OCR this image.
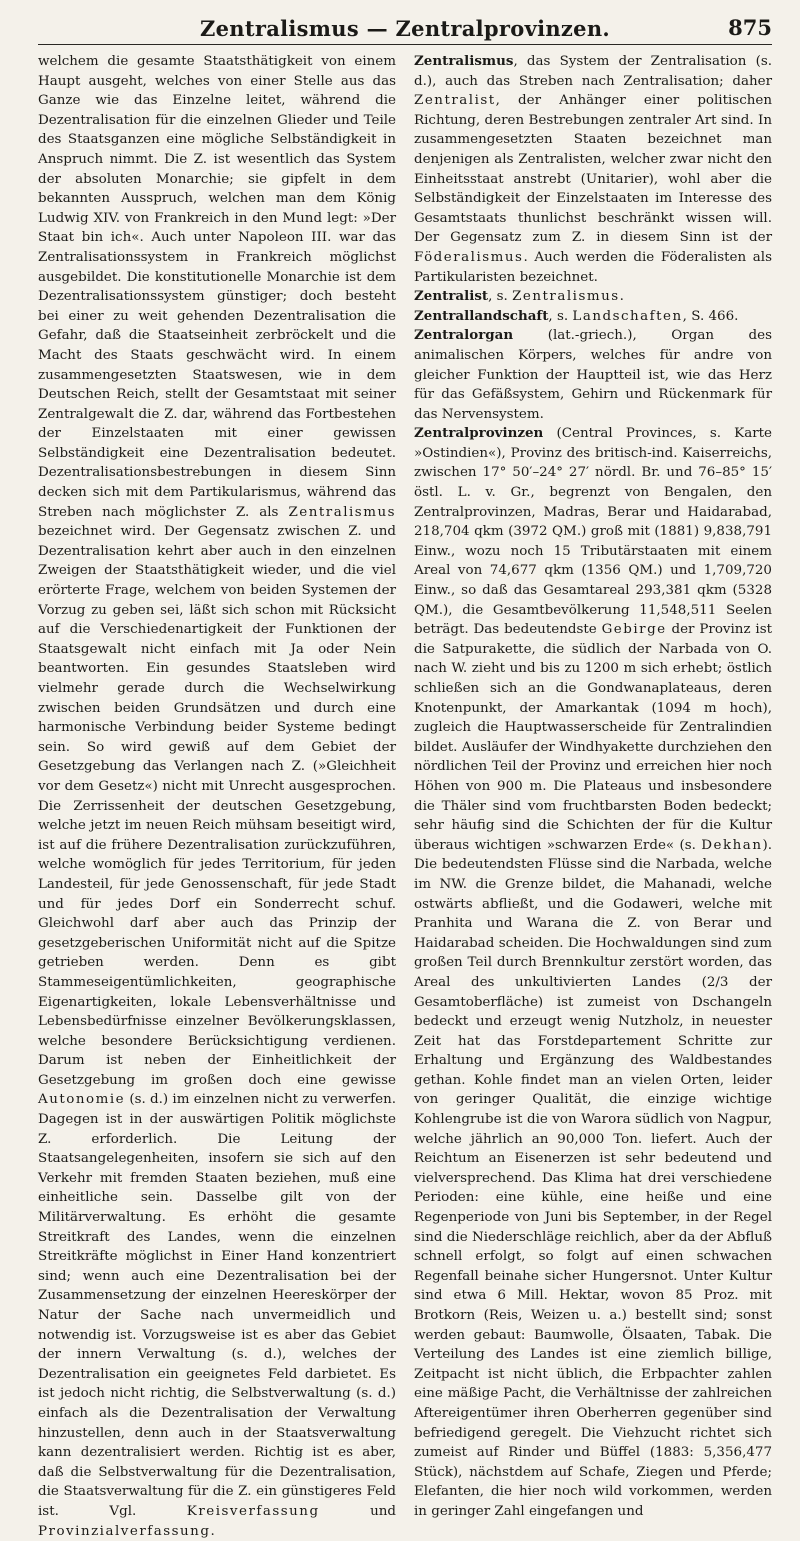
Zentralismus — Zentralprovinzen.	875

welchem die gesamte Staatsthätigkeit von einem Haupt ausgeht, welches von einer Stelle aus das Ganze wie das Einzelne leitet, während die Dezentralisation für die einzelnen Glieder und Teile des Staatsganzen eine mögliche Selbständigkeit in Anspruch nimmt. Die Z. ist wesentlich das System der absoluten Monarchie; sie gipfelt in dem bekannten Ausspruch, welchen man dem König Ludwig XIV. von Frankreich in den Mund legt: »Der Staat bin ich«. Auch unter Napoleon III. war das Zentralisationssystem in Frankreich möglichst ausgebildet. Die konstitutionelle Monarchie ist dem Dezentralisationssystem günstiger; doch besteht bei einer zu weit gehenden Dezentralisation die Gefahr, daß die Staatseinheit zerbröckelt und die Macht des Staats geschwächt wird. In einem zusammengesetzten Staatswesen, wie in dem Deutschen Reich, stellt der Gesamtstaat mit seiner Zentralgewalt die Z. dar, während das Fortbestehen der Einzelstaaten mit einer gewissen Selbständigkeit eine Dezentralisation bedeutet. Dezentralisationsbestrebungen in diesem Sinn decken sich mit dem Partikularismus, während das Streben nach möglichster Z. als Zentralismus bezeichnet wird. Der Gegensatz zwischen Z. und Dezentralisation kehrt aber auch in den einzelnen Zweigen der Staatsthätigkeit wieder, und die viel erörterte Frage, welchem von beiden Systemen der Vorzug zu geben sei, läßt sich schon mit Rücksicht auf die Verschiedenartigkeit der Funktionen der Staatsgewalt nicht einfach mit Ja oder Nein beantworten. Ein gesundes Staatsleben wird vielmehr gerade durch die Wechselwirkung zwischen beiden Grundsätzen und durch eine harmonische Verbindung beider Systeme bedingt sein. So wird gewiß auf dem Gebiet der Gesetzgebung das Verlangen nach Z. (»Gleichheit vor dem Gesetz«) nicht mit Unrecht ausgesprochen. Die Zerrissenheit der deutschen Gesetzgebung, welche jetzt im neuen Reich mühsam beseitigt wird, ist auf die frühere Dezentralisation zurückzuführen, welche womöglich für jedes Territorium, für jeden Landesteil, für jede Genossenschaft, für jede Stadt und für jedes Dorf ein Sonderrecht schuf. Gleichwohl darf aber auch das Prinzip der gesetzgeberischen Uniformität nicht auf die Spitze getrieben werden. Denn es gibt Stammeseigentümlichkeiten, geographische Eigenartigkeiten, lokale Lebensverhältnisse und Lebensbedürfnisse einzelner Bevölkerungsklassen, welche besondere Berücksichtigung verdienen. Darum ist neben der Einheitlichkeit der Gesetzgebung im großen doch eine gewisse Autonomie (s. d.) im einzelnen nicht zu verwerfen. Dagegen ist in der auswärtigen Politik möglichste Z. erforderlich. Die Leitung der Staatsangelegenheiten, insofern sie sich auf den Verkehr mit fremden Staaten beziehen, muß eine einheitliche sein. Dasselbe gilt von der Militärverwaltung. Es erhöht die gesamte Streitkraft des Landes, wenn die einzelnen Streitkräfte möglichst in Einer Hand konzentriert sind; wenn auch eine Dezentralisation bei der Zusammensetzung der einzelnen Heereskörper der Natur der Sache nach unvermeidlich und notwendig ist. Vorzugsweise ist es aber das Gebiet der innern Verwaltung (s. d.), welches der Dezentralisation ein geeignetes Feld darbietet. Es ist jedoch nicht richtig, die Selbstverwaltung (s. d.) einfach als die Dezentralisation der Verwaltung hinzustellen, denn auch in der Staatsverwaltung kann dezentralisiert werden. Richtig ist es aber, daß die Selbstverwaltung für die Dezentralisation, die Staatsverwaltung für die Z. ein günstigeres Feld ist. Vgl. Kreisverfassung und Provinzialverfassung.

Zentralismus, das System der Zentralisation (s. d.), auch das Streben nach Zentralisation; daher Zentralist, der Anhänger einer politischen Richtung, deren Bestrebungen zentraler Art sind. In zusammengesetzten Staaten bezeichnet man denjenigen als Zentralisten, welcher zwar nicht den Einheitsstaat anstrebt (Unitarier), wohl aber die Selbständigkeit der Einzelstaaten im Interesse des Gesamtstaats thunlichst beschränkt wissen will. Der Gegensatz zum Z. in diesem Sinn ist der Föderalismus. Auch werden die Föderalisten als Partikularisten bezeichnet.

Zentralist, s. Zentralismus.

Zentrallandschaft, s. Landschaften, S. 466.

Zentralorgan (lat.-griech.), Organ des animalischen Körpers, welches für andre von gleicher Funktion der Hauptteil ist, wie das Herz für das Gefäßsystem, Gehirn und Rückenmark für das Nervensystem.

Zentralprovinzen (Central Provinces, s. Karte »Ostindien«), Provinz des britisch-ind. Kaiserreichs, zwischen 17° 50′–24° 27′ nördl. Br. und 76–85° 15′ östl. L. v. Gr., begrenzt von Bengalen, den Zentralprovinzen, Madras, Berar und Haidarabad, 218,704 qkm (3972 QM.) groß mit (1881) 9,838,791 Einw., wozu noch 15 Tributärstaaten mit einem Areal von 74,677 qkm (1356 QM.) und 1,709,720 Einw., so daß das Gesamtareal 293,381 qkm (5328 QM.), die Gesamtbevölkerung 11,548,511 Seelen beträgt. Das bedeutendste Gebirge der Provinz ist die Satpurakette, die südlich der Narbada von O. nach W. zieht und bis zu 1200 m sich erhebt; östlich schließen sich an die Gondwanaplateaus, deren Knotenpunkt, der Amarkantak (1094 m hoch), zugleich die Hauptwasserscheide für Zentralindien bildet. Ausläufer der Windhyakette durchziehen den nördlichen Teil der Provinz und erreichen hier noch Höhen von 900 m. Die Plateaus und insbesondere die Thäler sind vom fruchtbarsten Boden bedeckt; sehr häufig sind die Schichten der für die Kultur überaus wichtigen »schwarzen Erde« (s. Dekhan). Die bedeutendsten Flüsse sind die Narbada, welche im NW. die Grenze bildet, die Mahanadi, welche ostwärts abfließt, und die Godaweri, welche mit Pranhita und Warana die Z. von Berar und Haidarabad scheiden. Die Hochwaldungen sind zum großen Teil durch Brennkultur zerstört worden, das Areal des unkultivierten Landes (2/3 der Gesamtoberfläche) ist zumeist von Dschangeln bedeckt und erzeugt wenig Nutzholz, in neuester Zeit hat das Forstdepartement Schritte zur Erhaltung und Ergänzung des Waldbestandes gethan. Kohle findet man an vielen Orten, leider von geringer Qualität, die einzige wichtige Kohlengrube ist die von Warora südlich von Nagpur, welche jährlich an 90,000 Ton. liefert. Auch der Reichtum an Eisenerzen ist sehr bedeutend und vielversprechend. Das Klima hat drei verschiedene Perioden: eine kühle, eine heiße und eine Regenperiode von Juni bis September, in der Regel sind die Niederschläge reichlich, aber da der Abfluß schnell erfolgt, so folgt auf einen schwachen Regenfall beinahe sicher Hungersnot. Unter Kultur sind etwa 6 Mill. Hektar, wovon 85 Proz. mit Brotkorn (Reis, Weizen u. a.) bestellt sind; sonst werden gebaut: Baumwolle, Ölsaaten, Tabak. Die Verteilung des Landes ist eine ziemlich billige, Zeitpacht ist nicht üblich, die Erbpachter zahlen eine mäßige Pacht, die Verhältnisse der zahlreichen Aftereigentümer ihren Oberherren gegenüber sind befriedigend geregelt. Die Viehzucht richtet sich zumeist auf Rinder und Büffel (1883: 5,356,477 Stück), nächstdem auf Schafe, Ziegen und Pferde; Elefanten, die hier noch wild vorkommen, werden in geringer Zahl eingefangen und
